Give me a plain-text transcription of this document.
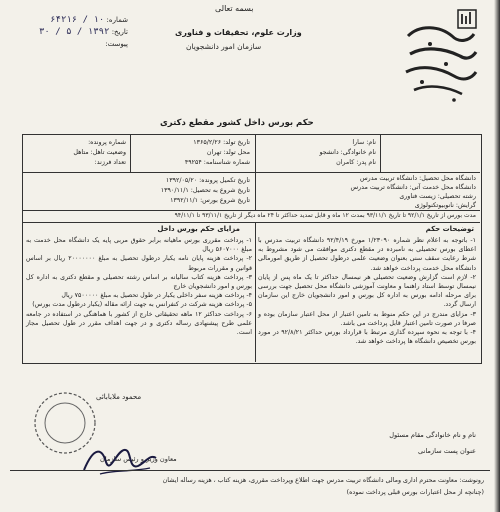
بسمه تعالی
وزارت علوم، تحقیقات و فناوری
سازمان امور دانشجویان
شماره: ۱۰ / ۶۴۲۱۶
تاریخ: ۱۳۹۲ / ۵ / ۳۰
پیوست:
حکم بورس داخل کشور مقطع دکتری
نام: سارا
نام خانوادگی: دانشجو
نام پدر: کامران
تاریخ تولد: ۱۳۶۵/۲/۲۶
محل تولد: تهران
شماره شناسنامه: ۴۹۲۵۴
شماره پرونده:
وضعیت تاهل: متاهل
تعداد فرزند:
دانشگاه محل تحصیل: دانشگاه تربیت مدرس
دانشگاه محل خدمت آتی: دانشگاه تربیت مدرس
رشته تحصیلی: زیست فناوری
گرایش: نانوبیوتکنولوژی
تاریخ تکمیل پرونده: ۱۳۹۲/۰۵/۲۰
تاریخ شروع به تحصیل: ۱۳۹۰/۱۱/۱
تاریخ شروع بورس: ۱۳۹۲/۱۱/۱
مدت بورس از تاریخ ۹۲/۱/۱ تا تاریخ ۹۳/۱۱/۱ بمدت ۱۲ ماه و قابل تمدید حداکثر تا ۲۴ ماه دیگر از تاریخ ۹۳/۱۱/۱ تا ۹۴/۱۱/۱
توضیحات حکم
۱- باتوجه به اعلام نظر شماره ۱/۲۳۰۹۰ مورخ ۹۲/۴/۱۹ دانشگاه تربیت مدرس با اعطای بورس تحصیلی به نامبرده در مقطع دکتری موافقت می شود مشروط به شرط رعایت سقف سنی بعنوان وضعیت علمی درطول تحصیل از طریق امورمالی دانشگاه محل خدمت پرداخت خواهد شد.
۲- لازم است گزارش وضعیت تحصیلی هر نیمسال حداکثر تا یک ماه پس از پایان نیمسال توسط استاد راهنما و معاونت آموزشی دانشگاه محل تحصیل جهت بررسی برای مرحله ادامه بورس به اداره کل بورس و امور دانشجویان خارج این سازمان ارسال گردد.
۳- مزایای مندرج در این حکم منوط به تامین اعتبار از محل اعتبار سازمان بوده و صرفا در صورت تامین اعتبار قابل پرداخت می باشد.
۴- با توجه به نحوه سپرده گذاری مرتبط با قرارداد بورس حداکثر ۹۲/۸/۲۱ در مورد بورس تخصیص دانشگاه ها پرداخت خواهد شد.
مزایای حکم بورس داخل
۱- پرداخت مقرری بورس ماهیانه برابر حقوق مربی پایه یک دانشگاه محل خدمت به مبلغ ۵۶۰۷۰۰۰ ریال
۲- پرداخت هزینه پایان نامه یکبار درطول تحصیل به مبلغ ۲۰۰۰۰۰۰۰ ریال بر اساس قوانین و مقررات مربوط
۳- پرداخت هزینه کتاب سالیانه بر اساس رشته تحصیلی و مقطع دکتری به اداره کل بورس و امور دانشجویان خارج
۴- پرداخت هزینه سفر داخلی یکبار در طول تحصیل به مبلغ ۷۵۰۰۰۰۰ ریال
۵- پرداخت هزینه شرکت در کنفرانس به جهت ارائه مقاله (یکبار درطول مدت بورس)
۶- پرداخت حداکثر ۱۲ ماهه تحقیقاتی خارج از کشور با هماهنگی در استفاده در جامعه علمی طرح پیشنهادی رساله دکتری و در جهت اهداف مقرر در طول تحصیل مجاز است.
محمود ملابابائی
معاون وزیر و رئیس سازمان
نام و نام خانوادگی مقام مسئول
عنوان پست سازمانی
رونوشت: معاونت محترم اداری ومالی دانشگاه تربیت مدرس جهت اطلاع وپرداخت مقرری، هزینه کتاب ، هزینه رساله ایشان
(چنانچه از محل اعتبارات بورس قبلی پرداخت نموده)
